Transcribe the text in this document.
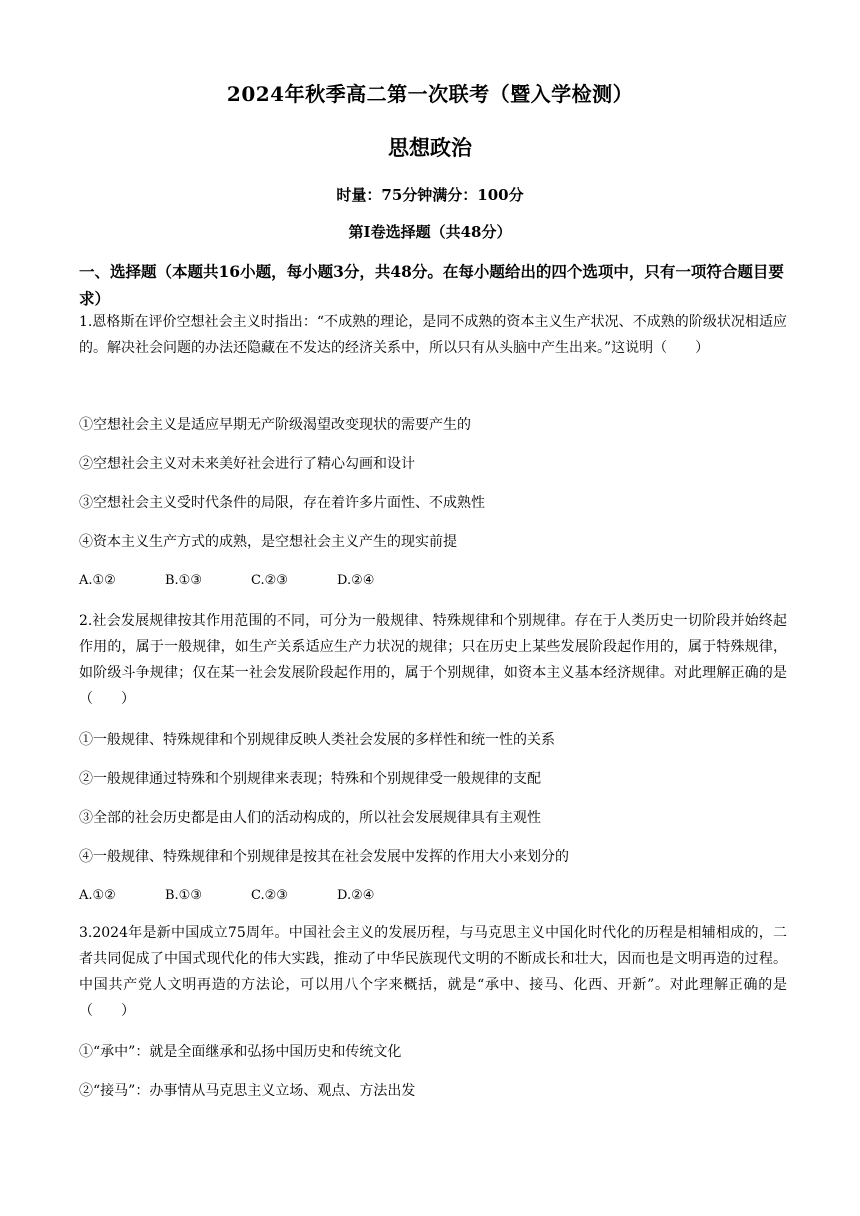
2024年秋季高二第一次联考（暨入学检测）
思想政治
时量：75分钟满分：100分
第Ⅰ卷选择题（共48分）
一、选择题（本题共16小题，每小题3分，共48分。在每小题给出的四个选项中，只有一项符合题目要求）

1.恩格斯在评价空想社会主义时指出：“不成熟的理论，是同不成熟的资本主义生产状况、不成熟的阶级状况相适应的。解决社会问题的办法还隐藏在不发达的经济关系中，所以只有从头脑中产生出来。”这说明（　　）

①空想社会主义是适应早期无产阶级渴望改变现状的需要产生的

②空想社会主义对未来美好社会进行了精心勾画和设计

③空想社会主义受时代条件的局限，存在着许多片面性、不成熟性

④资本主义生产方式的成熟，是空想社会主义产生的现实前提

A.①②	B.①③	C.②③	D.②④

2.社会发展规律按其作用范围的不同，可分为一般规律、特殊规律和个别规律。存在于人类历史一切阶段并始终起作用的，属于一般规律，如生产关系适应生产力状况的规律；只在历史上某些发展阶段起作用的，属于特殊规律，如阶级斗争规律；仅在某一社会发展阶段起作用的，属于个别规律，如资本主义基本经济规律。对此理解正确的是（　　）

①一般规律、特殊规律和个别规律反映人类社会发展的多样性和统一性的关系

②一般规律通过特殊和个别规律来表现；特殊和个别规律受一般规律的支配

③全部的社会历史都是由人们的活动构成的，所以社会发展规律具有主观性

④一般规律、特殊规律和个别规律是按其在社会发展中发挥的作用大小来划分的

A.①②	B.①③	C.②③	D.②④

3.2024年是新中国成立75周年。中国社会主义的发展历程，与马克思主义中国化时代化的历程是相辅相成的，二者共同促成了中国式现代化的伟大实践，推动了中华民族现代文明的不断成长和壮大，因而也是文明再造的过程。中国共产党人文明再造的方法论，可以用八个字来概括，就是“承中、接马、化西、开新”。对此理解正确的是（　　）

①“承中”：就是全面继承和弘扬中国历史和传统文化

②“接马”：办事情从马克思主义立场、观点、方法出发
